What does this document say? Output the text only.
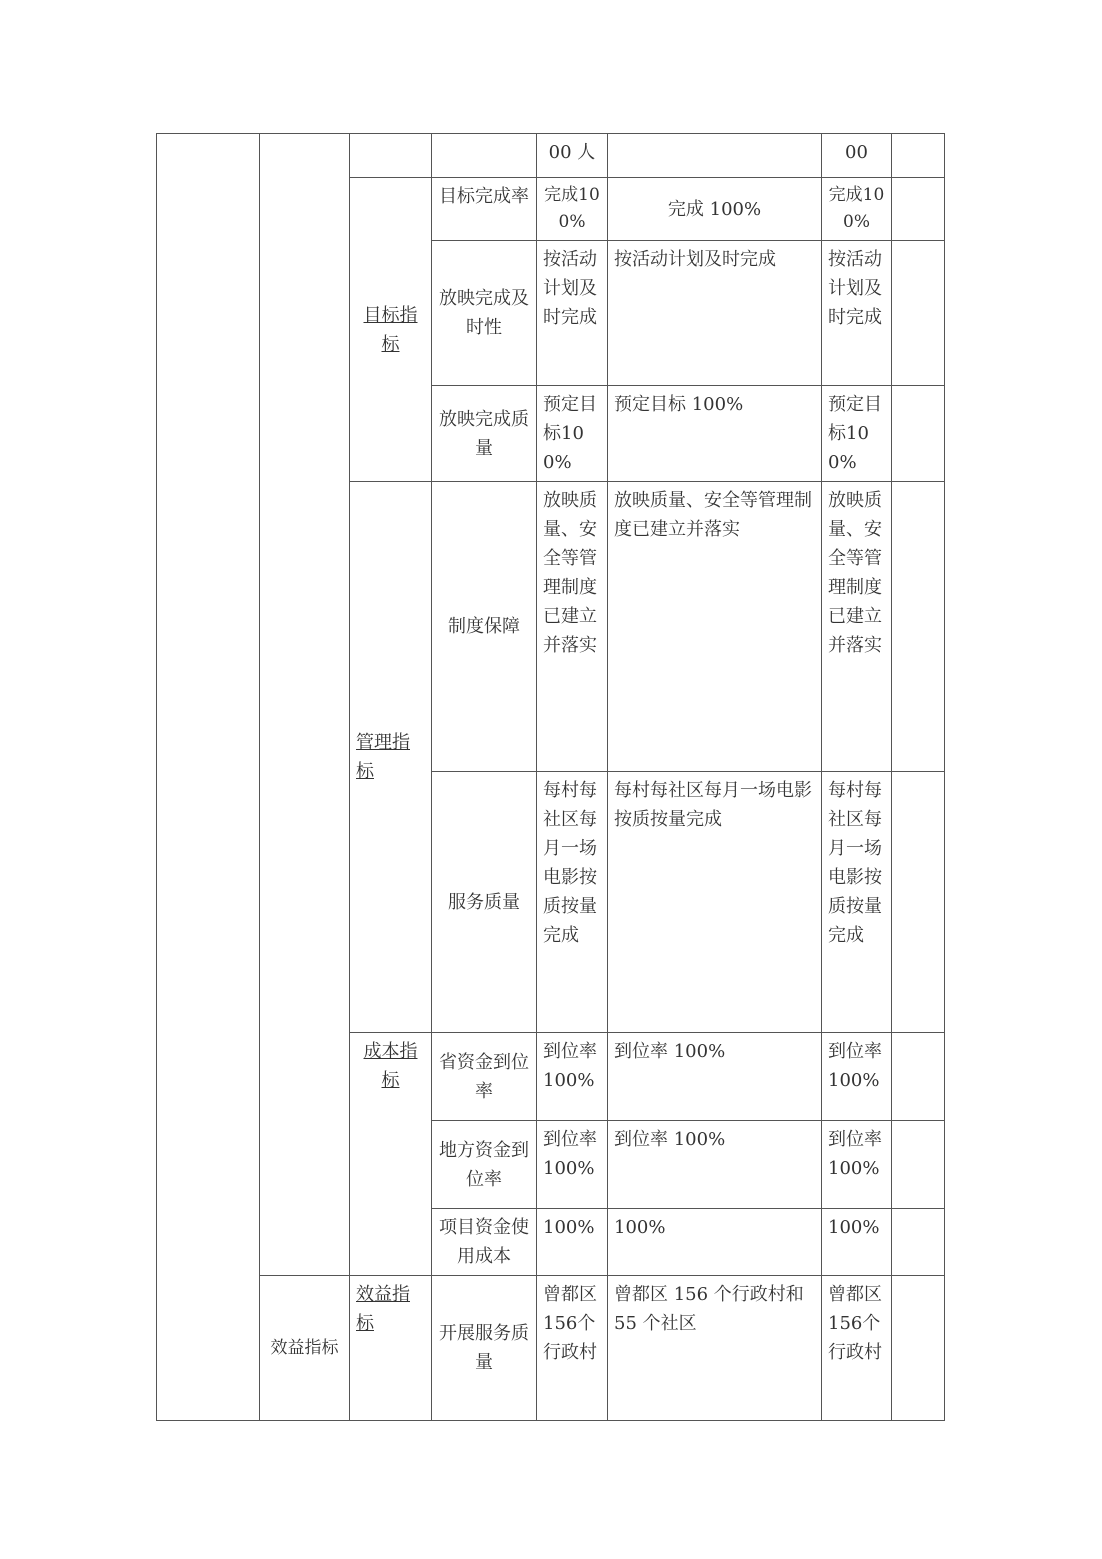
				00 人		00	
		目标指标	目标完成率	完成100%	完成 100%	完成100%	
			放映完成及时性	按活动计划及时完成	按活动计划及时完成	按活动计划及时完成	
			放映完成质量	预定目标100%	预定目标 100%	预定目标100%	
		管理指标	制度保障	放映质量、安全等管理制度已建立并落实	放映质量、安全等管理制度已建立并落实	放映质量、安全等管理制度已建立并落实	
			服务质量	每村每社区每月一场电影按质按量完成	每村每社区每月一场电影按质按量完成	每村每社区每月一场电影按质按量完成	
		成本指标	省资金到位率	到位率100%	到位率 100%	到位率100%	
			地方资金到位率	到位率100%	到位率 100%	到位率100%	
			项目资金使用成本	100%	100%	100%	
	效益指标	效益指标	开展服务质量	曾都区156个行政村	曾都区 156 个行政村和 55 个社区	曾都区156个行政村	
